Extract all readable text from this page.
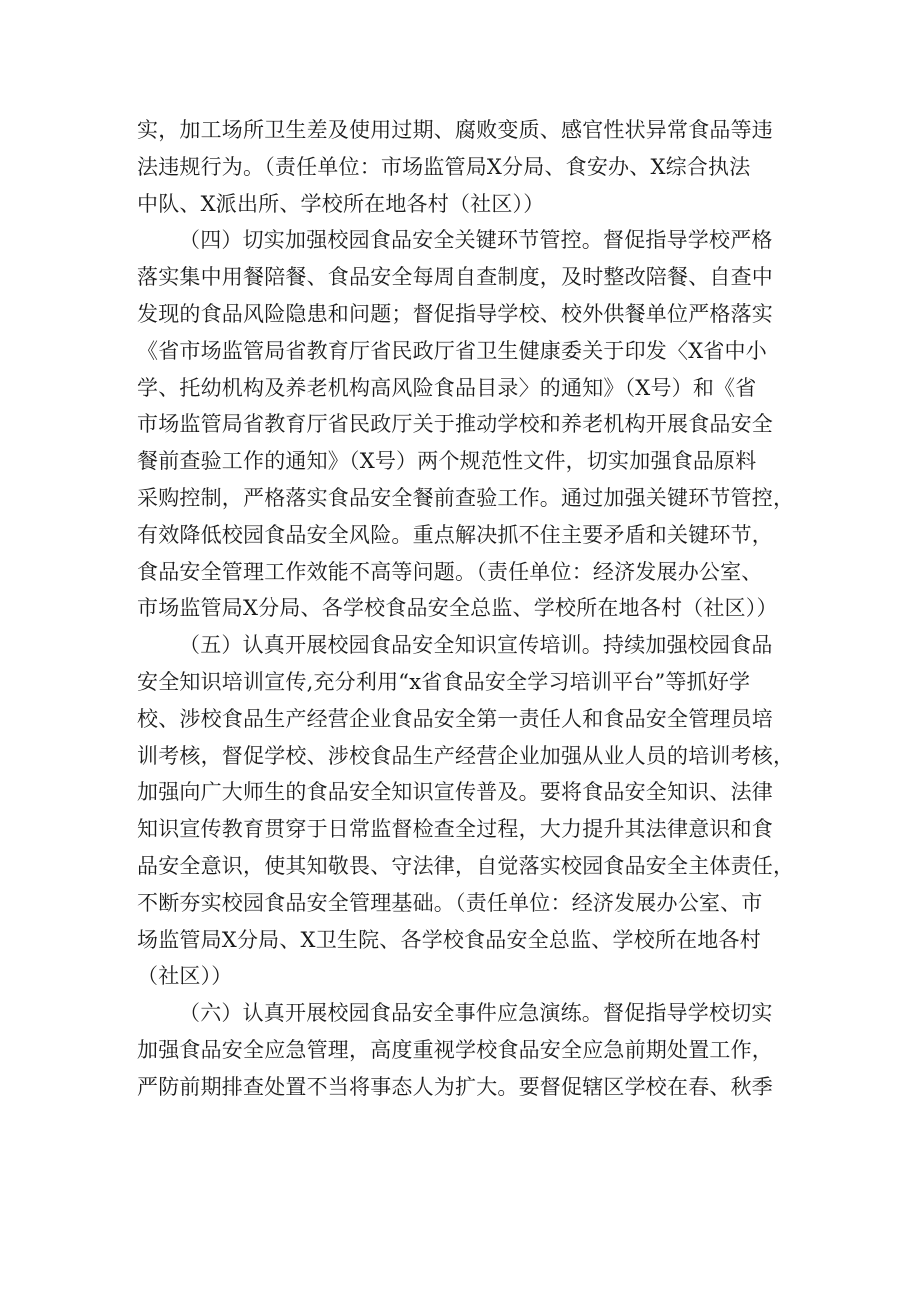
实，加工场所卫生差及使用过期、腐败变质、感官性状异常食品等违
法违规行为。（责任单位：市场监管局X分局、食安办、X综合执法
中队、X派出所、学校所在地各村（社区））
（四）切实加强校园食品安全关键环节管控。督促指导学校严格
落实集中用餐陪餐、食品安全每周自查制度，及时整改陪餐、自查中
发现的食品风险隐患和问题；督促指导学校、校外供餐单位严格落实
《省市场监管局省教育厅省民政厅省卫生健康委关于印发〈X省中小
学、托幼机构及养老机构高风险食品目录〉的通知》（X号）和《省
市场监管局省教育厅省民政厅关于推动学校和养老机构开展食品安全
餐前查验工作的通知》（X号）两个规范性文件，切实加强食品原料
采购控制，严格落实食品安全餐前查验工作。通过加强关键环节管控，
有效降低校园食品安全风险。重点解决抓不住主要矛盾和关键环节，
食品安全管理工作效能不高等问题。（责任单位：经济发展办公室、
市场监管局X分局、各学校食品安全总监、学校所在地各村（社区））
（五）认真开展校园食品安全知识宣传培训。持续加强校园食品
安全知识培训宣传,充分利用“x省食品安全学习培训平台”等抓好学
校、涉校食品生产经营企业食品安全第一责任人和食品安全管理员培
训考核，督促学校、涉校食品生产经营企业加强从业人员的培训考核，
加强向广大师生的食品安全知识宣传普及。要将食品安全知识、法律
知识宣传教育贯穿于日常监督检查全过程，大力提升其法律意识和食
品安全意识，使其知敬畏、守法律，自觉落实校园食品安全主体责任，
不断夯实校园食品安全管理基础。（责任单位：经济发展办公室、市
场监管局X分局、X卫生院、各学校食品安全总监、学校所在地各村
（社区））
（六）认真开展校园食品安全事件应急演练。督促指导学校切实
加强食品安全应急管理，高度重视学校食品安全应急前期处置工作，
严防前期排查处置不当将事态人为扩大。要督促辖区学校在春、秋季
